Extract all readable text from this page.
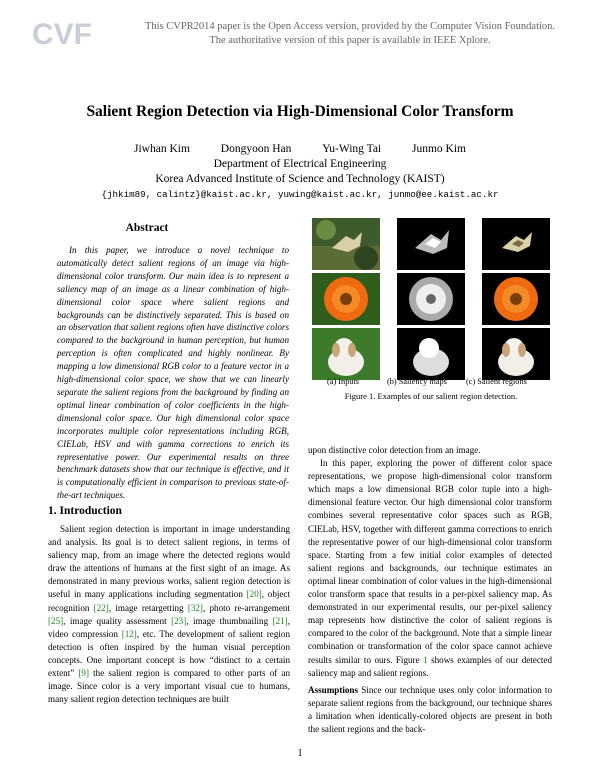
CVF	This CVPR2014 paper is the Open Access version, provided by the Computer Vision Foundation.
The authoritative version of this paper is available in IEEE Xplore.
Salient Region Detection via High-Dimensional Color Transform
Jiwhan Kim	Dongyoon Han	Yu-Wing Tai	Junmo Kim
Department of Electrical Engineering
Korea Advanced Institute of Science and Technology (KAIST)
{jhkim89, calintz}@kaist.ac.kr, yuwing@kaist.ac.kr, junmo@ee.kaist.ac.kr
Abstract

In this paper, we introduce a novel technique to automatically detect salient regions of an image via high-dimensional color transform. Our main idea is to represent a saliency map of an image as a linear combination of high-dimensional color space where salient regions and backgrounds can be distinctively separated. This is based on an observation that salient regions often have distinctive colors compared to the background in human perception, but human perception is often complicated and highly nonlinear. By mapping a low dimensional RGB color to a feature vector in a high-dimensional color space, we show that we can linearly separate the salient regions from the background by finding an optimal linear combination of color coefficients in the high-dimensional color space. Our high dimensional color space incorporates multiple color representations including RGB, CIELab, HSV and with gamma corrections to enrich its representative power. Our experimental results on three benchmark datasets show that our technique is effective, and it is computationally efficient in comparison to previous state-of-the-art techniques.

1. Introduction

Salient region detection is important in image understanding and analysis. Its goal is to detect salient regions, in terms of saliency map, from an image where the detected regions would draw the attentions of humans at the first sight of an image. As demonstrated in many previous works, salient region detection is useful in many applications including segmentation [20], object recognition [22], image retargetting [32], photo re-arrangement [25], image quality assessment [23], image thumbnailing [21], video compression [12], etc. The development of salient region detection is often inspired by the human visual perception concepts. One important concept is how “distinct to a certain extent” [9] the salient region is compared to other parts of an image. Since color is a very important visual cue to humans, many salient region detection techniques are built

(a) Inputs	(b) Saliency maps (c) Salient regions
Figure 1. Examples of our salient region detection.

upon distinctive color detection from an image.

In this paper, exploring the power of different color space representations, we propose high-dimensional color transform which maps a low dimensional RGB color tuple into a high-dimensional feature vector. Our high dimensional color transform combines several representative color spaces such as RGB, CIELab, HSV, together with different gamma corrections to enrich the representative power of our high-dimensional color transform space. Starting from a few initial color examples of detected salient regions and backgrounds, our technique estimates an optimal linear combination of color values in the high-dimensional color transform space that results in a per-pixel saliency map. As demonstrated in our experimental results, our per-pixel saliency map represents how distinctive the color of salient regions is compared to the color of the background. Note that a simple linear combination or transformation of the color space cannot achieve results similar to ours. Figure 1 shows examples of our detected saliency map and salient regions.

Assumptions Since our technique uses only color information to separate salient regions from the background, our technique shares a limitation when identically-colored objects are present in both the salient regions and the back-

1
